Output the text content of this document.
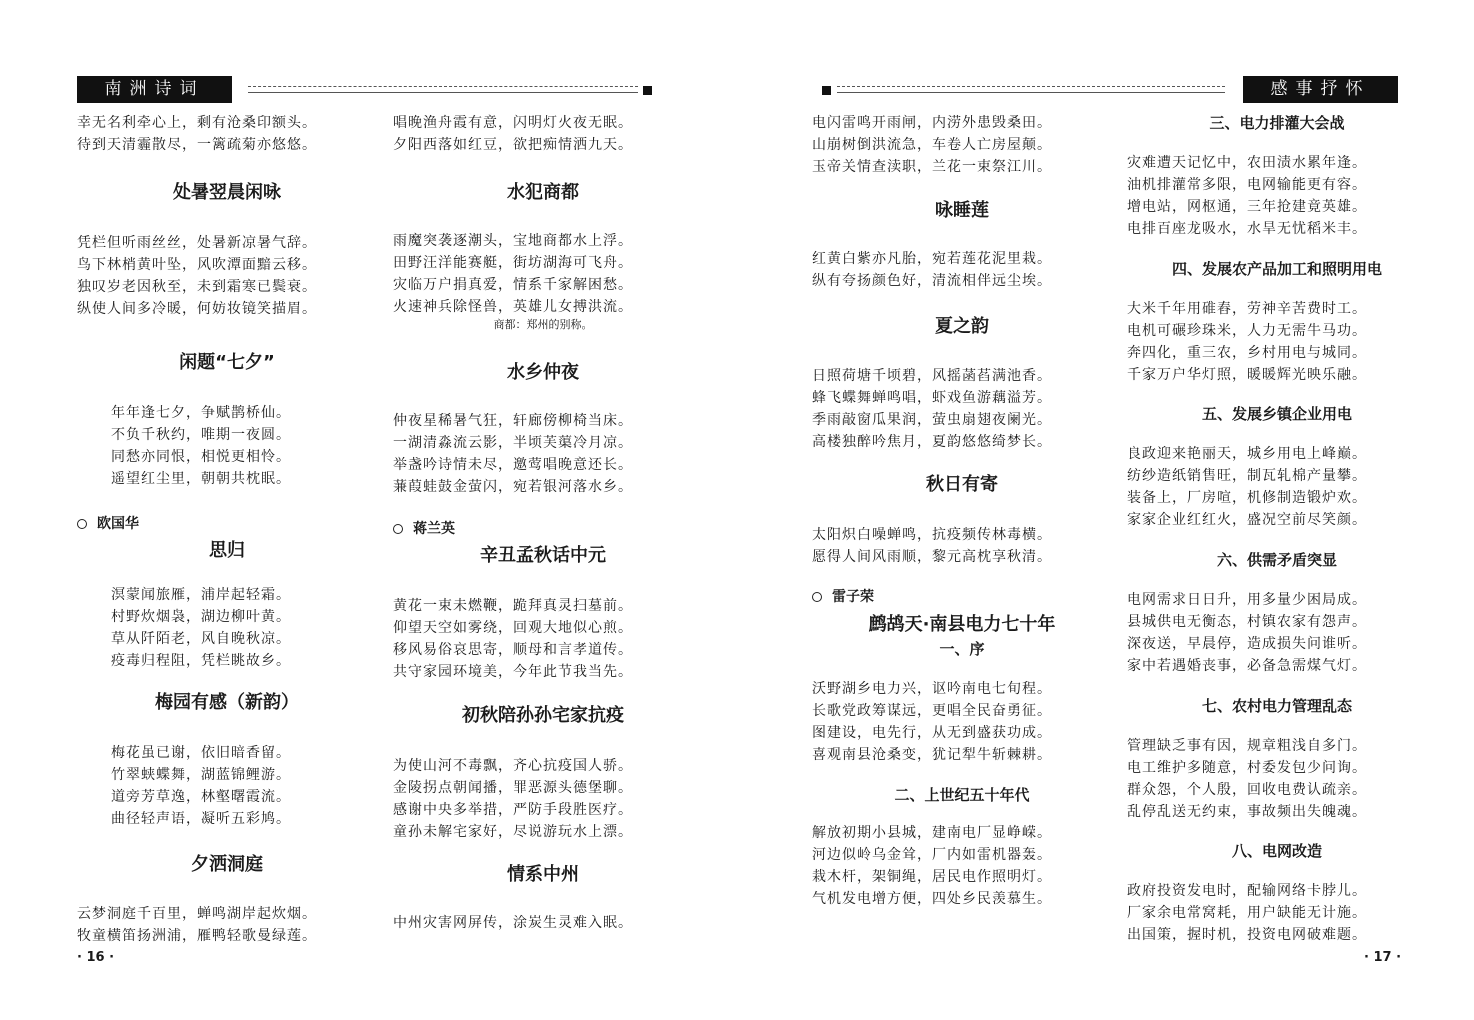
南洲诗词

幸无名利牵心上，剩有沧桑印额头。

待到天清霾散尽，一篱疏菊亦悠悠。

处暑翌晨闲咏

凭栏但听雨丝丝，处暑新凉暑气辞。

鸟下林梢黄叶坠，风吹潭面黯云移。

独叹岁老因秋至，未到霜寒已鬓衰。

纵使人间多冷暖，何妨妆镜笑描眉。

闲题“七夕”

年年逢七夕，争赋鹊桥仙。

不负千秋约，唯期一夜圆。

同愁亦同恨，相悦更相怜。

遥望红尘里，朝朝共枕眠。

欧国华

思归

溟蒙闻旅雁，浦岸起轻霜。

村野炊烟袅，湖边柳叶黄。

草从阡陌老，风自晚秋凉。

疫毒归程阻，凭栏眺故乡。

梅园有感（新韵）

梅花虽已谢，依旧暗香留。

竹翠蛱蝶舞，湖蓝锦鲤游。

道旁芳草逸，林壑曙霞流。

曲径轻声语，凝听五彩鸠。

夕洒洞庭

云梦洞庭千百里，蝉鸣湖岸起炊烟。

牧童横笛扬洲浦，雁鸭轻歌曼绿莲。

唱晚渔舟霞有意，闪明灯火夜无眠。

夕阳西落如红豆，欲把痴情洒九天。

水犯商都

雨魔突袭逐潮头，宝地商都水上浮。

田野汪洋能赛艇，街坊湖海可飞舟。

灾临万户捐真爱，情系千家解困愁。

火速神兵除怪兽，英雄儿女搏洪流。

商都：郑州的别称。

水乡仲夜

仲夜星稀暑气狂，轩廊傍柳椅当床。

一湖清淼流云影，半顷芙蕖冷月凉。

举盏吟诗情未尽，邀莺唱晚意还长。

蒹葭蛙鼓金萤闪，宛若银河落水乡。

蒋兰英

辛丑孟秋话中元

黄花一束未燃鞭，跪拜真灵扫墓前。

仰望天空如雾绕，回观大地似心煎。

移风易俗哀思寄，顺母和言孝道传。

共守家园环境美，今年此节我当先。

初秋陪孙孙宅家抗疫

为使山河不毒飘，齐心抗疫国人骄。

金陵拐点朝闻播，罪恶源头德堡聊。

感谢中央多举措，严防手段胜医疗。

童孙未解宅家好，尽说游玩水上漂。

情系中州

中州灾害网屏传，涂炭生灵难入眠。

· 16 ·
感事抒怀

电闪雷鸣开雨闸，内涝外患毁桑田。

山崩树倒洪流急，车卷人亡房屋颠。

玉帝关情查渎职，兰花一束祭江川。

咏睡莲

红黄白紫亦凡胎，宛若莲花泥里栽。

纵有夸扬颜色好，清流相伴远尘埃。

夏之韵

日照荷塘千顷碧，风摇菡萏满池香。

蜂飞蝶舞蝉鸣唱，虾戏鱼游藕溢芳。

季雨敲窗瓜果润，萤虫扇翅夜阑光。

高楼独醉吟焦月，夏韵悠悠绮梦长。

秋日有寄

太阳炽白噪蝉鸣，抗疫频传林毒横。

愿得人间风雨顺，黎元高枕享秋清。

雷子荣

鹧鸪天·南县电力七十年

一、序

沃野湖乡电力兴，讴吟南电七旬程。

长歌党政筹谋远，更唱全民奋勇征。

图建设，电先行，从无到盛获功成。

喜观南县沧桑变，犹记犁牛斩棘耕。

二、上世纪五十年代

解放初期小县城，建南电厂显峥嵘。

河边似岭乌金耸，厂内如雷机器轰。

栽木杆，架铜绳，居民电作照明灯。

气机发电增方便，四处乡民羡慕生。

三、电力排灌大会战

灾难遭天记忆中，农田渍水累年逢。

油机排灌常多限，电网输能更有容。

增电站，网枢通，三年抢建竟英雄。

电排百座龙吸水，水旱无忧稻米丰。

四、发展农产品加工和照明用电

大米千年用碓舂，劳神辛苦费时工。

电机可碾珍珠米，人力无需牛马功。

奔四化，重三农，乡村用电与城同。

千家万户华灯照，暖暖辉光映乐融。

五、发展乡镇企业用电

良政迎来艳丽天，城乡用电上峰巅。

纺纱造纸销售旺，制瓦轧棉产量攀。

装备上，厂房喧，机修制造锻炉欢。

家家企业红红火，盛况空前尽笑颜。

六、供需矛盾突显

电网需求日日升，用多量少困局成。

县城供电无衡态，村镇农家有怨声。

深夜送，早晨停，造成损失问谁听。

家中若遇婚丧事，必备急需煤气灯。

七、农村电力管理乱态

管理缺乏事有因，规章粗浅自多门。

电工维护多随意，村委发包少问询。

群众怨，个人殷，回收电费认疏亲。

乱停乱送无约束，事故频出失魄魂。

八、电网改造

政府投资发电时，配输网络卡脖儿。

厂家余电常窝耗，用户缺能无计施。

出国策，握时机，投资电网破难题。

· 17 ·
